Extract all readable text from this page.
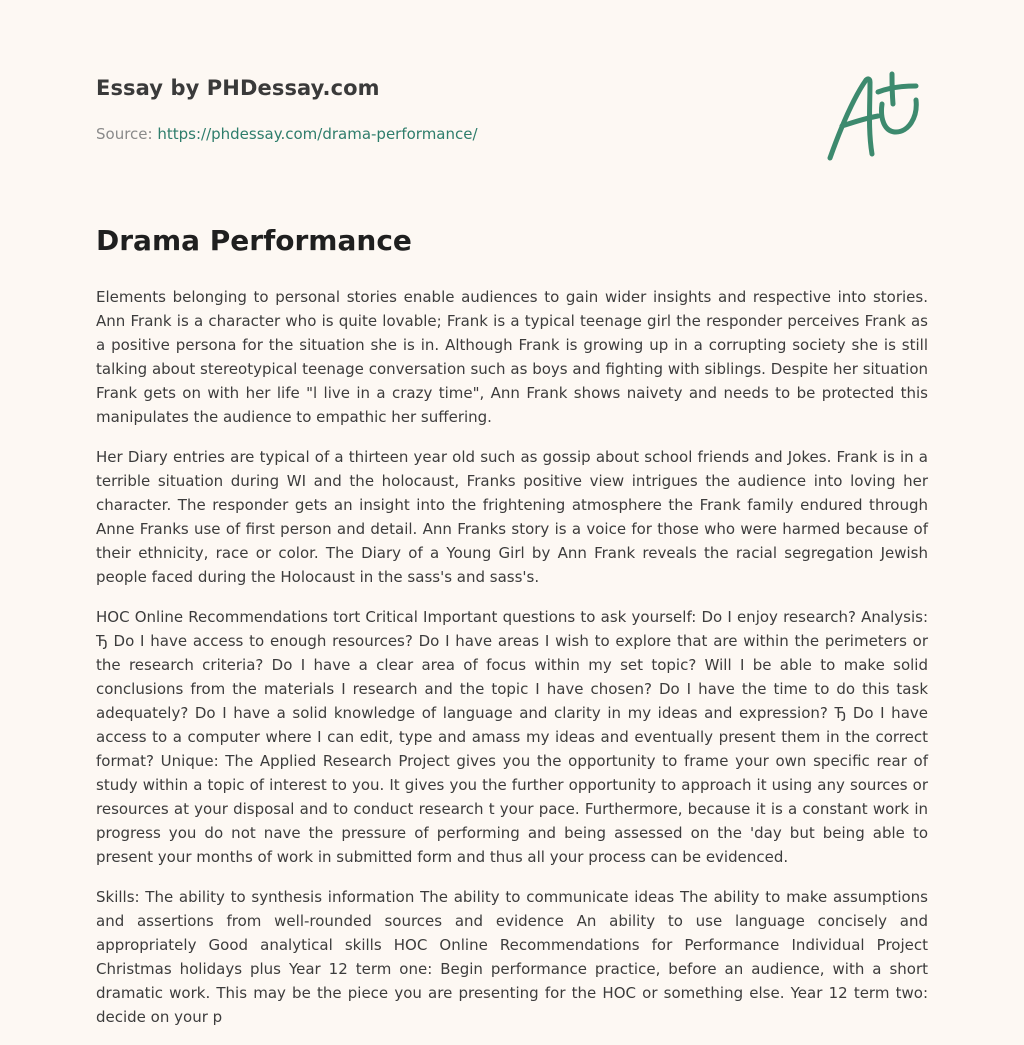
Essay by PHDessay.com
Source: https://phdessay.com/drama-performance/
Drama Performance

Elements belonging to personal stories enable audiences to gain wider insights and respective into stories. Ann Frank is a character who is quite lovable; Frank is a typical teenage girl the responder perceives Frank as a positive persona for the situation she is in. Although Frank is growing up in a corrupting society she is still talking about stereotypical teenage conversation such as boys and fighting with siblings. Despite her situation Frank gets on with her life "l live in a crazy time", Ann Frank shows naivety and needs to be protected this manipulates the audience to empathic her suffering.

Her Diary entries are typical of a thirteen year old such as gossip about school friends and Jokes. Frank is in a terrible situation during WI and the holocaust, Franks positive view intrigues the audience into loving her character. The responder gets an insight into the frightening atmosphere the Frank family endured through Anne Franks use of first person and detail. Ann Franks story is a voice for those who were harmed because of their ethnicity, race or color. The Diary of a Young Girl by Ann Frank reveals the racial segregation Jewish people faced during the Holocaust in the sass's and sass's.

HOC Online Recommendations tort Critical Important questions to ask yourself: Do I enjoy research? Analysis: Ђ Do I have access to enough resources? Do I have areas I wish to explore that are within the perimeters or the research criteria? Do I have a clear area of focus within my set topic? Will I be able to make solid conclusions from the materials I research and the topic I have chosen? Do I have the time to do this task adequately? Do I have a solid knowledge of language and clarity in my ideas and expression? Ђ Do I have access to a computer where I can edit, type and amass my ideas and eventually present them in the correct format? Unique: The Applied Research Project gives you the opportunity to frame your own specific rear of study within a topic of interest to you. It gives you the further opportunity to approach it using any sources or resources at your disposal and to conduct research t your pace. Furthermore, because it is a constant work in progress you do not nave the pressure of performing and being assessed on the 'day but being able to present your months of work in submitted form and thus all your process can be evidenced.

Skills: The ability to synthesis information The ability to communicate ideas The ability to make assumptions and assertions from well-rounded sources and evidence An ability to use language concisely and appropriately Good analytical skills HOC Online Recommendations for Performance Individual Project Christmas holidays plus Year 12 term one: Begin performance practice, before an audience, with a short dramatic work. This may be the piece you are presenting for the HOC or something else. Year 12 term two: decide on your p
